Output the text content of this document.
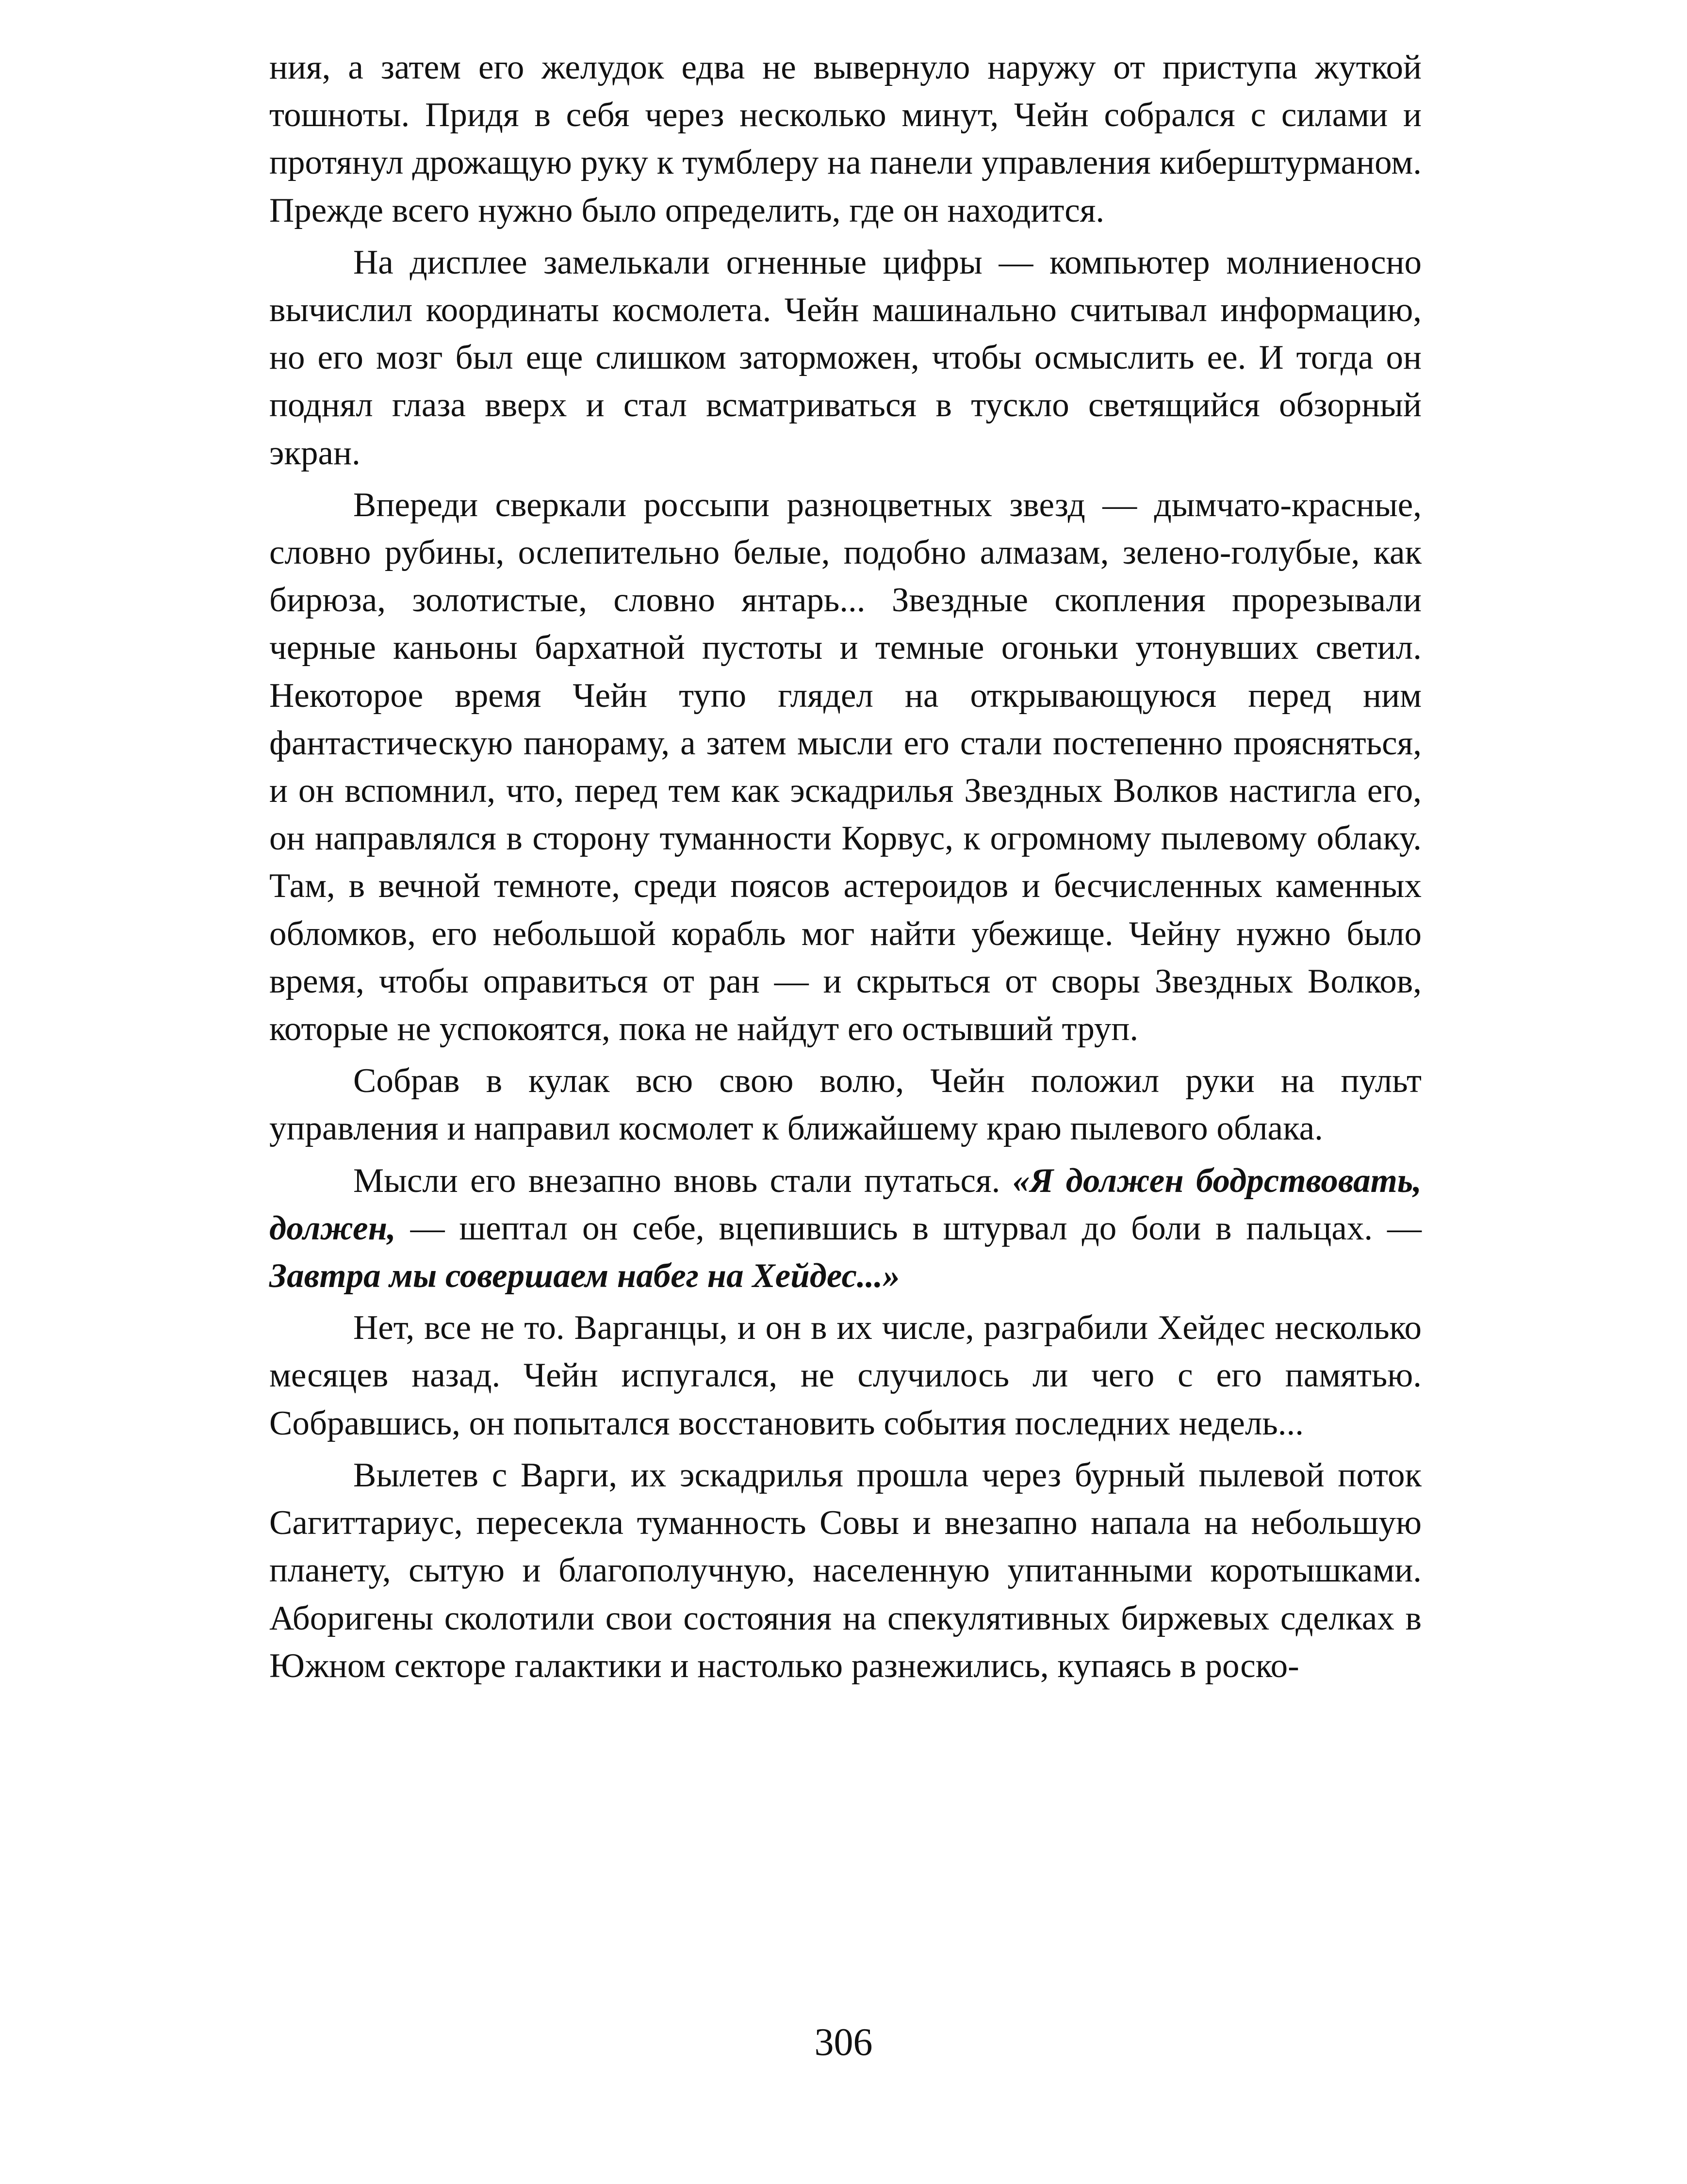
ния, а затем его желудок едва не вывернуло наружу от приступа жуткой тошноты. Придя в себя через несколько минут, Чейн собрался с силами и протянул дрожащую руку к тумблеру на панели управления киберштурманом. Прежде всего нужно было определить, где он находится.

На дисплее замелькали огненные цифры — компьютер молниеносно вычислил координаты космолета. Чейн машинально считывал информацию, но его мозг был еще слишком заторможен, чтобы осмыслить ее. И тогда он поднял глаза вверх и стал всматриваться в тускло светящийся обзорный экран.

Впереди сверкали россыпи разноцветных звезд — дымчато-красные, словно рубины, ослепительно белые, подобно алмазам, зелено-голубые, как бирюза, золотистые, словно янтарь... Звездные скопления прорезывали черные каньоны бархатной пустоты и темные огоньки утонувших светил. Некоторое время Чейн тупо глядел на открывающуюся перед ним фантастическую панораму, а затем мысли его стали постепенно проясняться, и он вспомнил, что, перед тем как эскадрилья Звездных Волков настигла его, он направлялся в сторону туманности Корвус, к огромному пылевому облаку. Там, в вечной темноте, среди поясов астероидов и бесчисленных каменных обломков, его небольшой корабль мог найти убежище. Чейну нужно было время, чтобы оправиться от ран — и скрыться от своры Звездных Волков, которые не успокоятся, пока не найдут его остывший труп.

Собрав в кулак всю свою волю, Чейн положил руки на пульт управления и направил космолет к ближайшему краю пылевого облака.

Мысли его внезапно вновь стали путаться. «Я должен бодрствовать, должен, — шептал он себе, вцепившись в штурвал до боли в пальцах. — Завтра мы совершаем набег на Хейдес...»

Нет, все не то. Варганцы, и он в их числе, разграбили Хейдес несколько месяцев назад. Чейн испугался, не случилось ли чего с его памятью. Собравшись, он попытался восстановить события последних недель...

Вылетев с Варги, их эскадрилья прошла через бурный пылевой поток Сагиттариус, пересекла туманность Совы и внезапно напала на небольшую планету, сытую и благополучную, населенную упитанными коротышками. Аборигены сколотили свои состояния на спекулятивных биржевых сделках в Южном секторе галактики и настолько разнежились, купаясь в роско-

306
